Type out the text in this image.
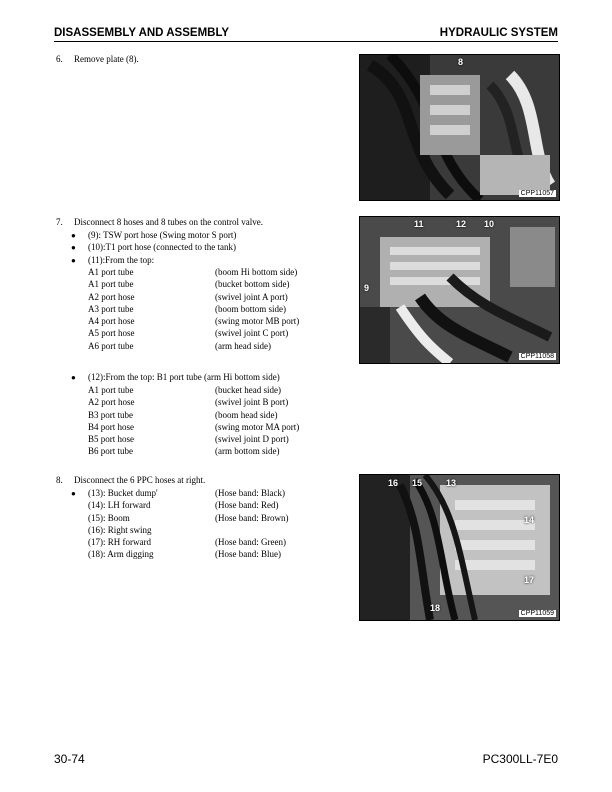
DISASSEMBLY AND ASSEMBLY	HYDRAULIC SYSTEM
6. Remove plate (8).
7. Disconnect 8 hoses and 8 tubes on the control valve.
● (9): TSW port hose (Swing motor S port)
● (10):T1 port hose (connected to the tank)
● (11):From the top:
A1 port tube	(boom Hi bottom side)
A1 port tube	(bucket bottom side)
A2 port hose	(swivel joint A port)
A3 port tube	(boom bottom side)
A4 port hose	(swing motor MB port)
A5 port hose	(swivel joint C port)
A6 port tube	(arm head side)
● (12):From the top: B1 port tube (arm Hi bottom side)
A1 port tube	(bucket head side)
A2 port hose	(swivel joint B port)
B3 port tube	(boom head side)
B4 port hose	(swing motor MA port)
B5 port hose	(swivel joint D port)
B6 port tube	(arm bottom side)
8. Disconnect the 6 PPC hoses at right.
●	(13): Bucket dump'	(Hose band: Black)
(14): LH forward	(Hose band: Red)
(15): Boom	(Hose band: Brown)
(16): Right swing
(17): RH forward	(Hose band: Green)
(18): Arm digging	(Hose band: Blue)
8
CPP11057
11	12 10
9
CPP11058
16 15	13
14
17
18
CPP11059
30-74	PC300LL-7E0
